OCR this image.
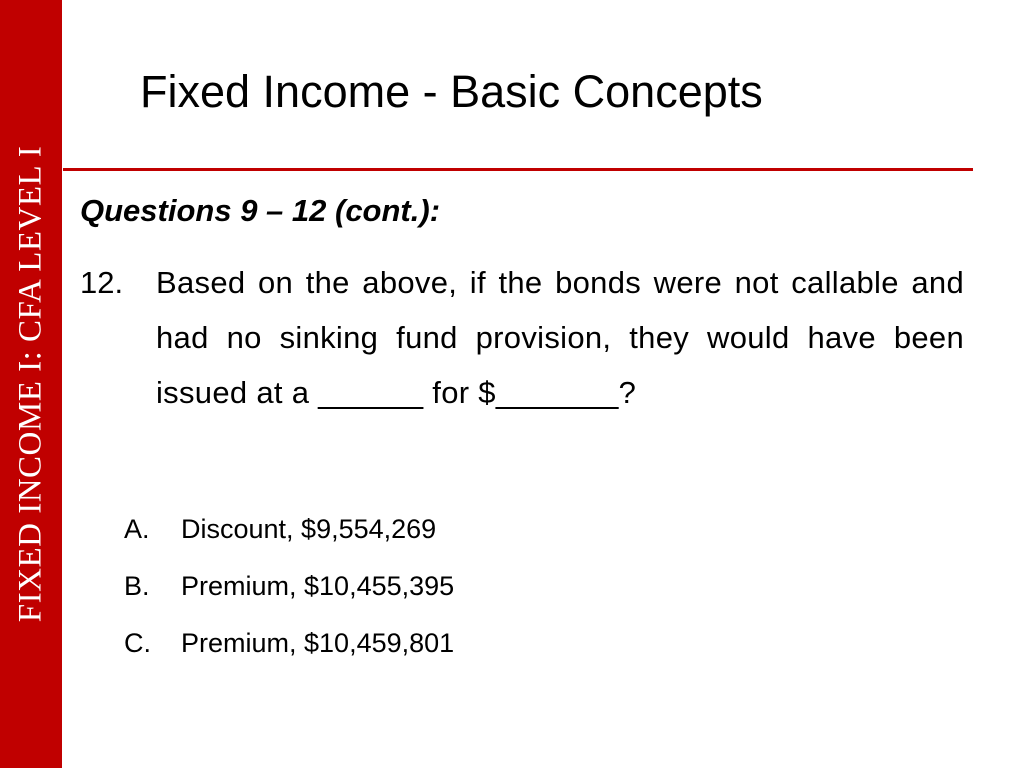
FIXED INCOME I: CFA LEVEL I
Fixed Income - Basic Concepts
Questions 9 – 12 (cont.):
12. Based on the above, if the bonds were not callable and had no sinking fund provision, they would have been issued at a ______ for $_______?
A. Discount, $9,554,269
B. Premium, $10,455,395
C. Premium, $10,459,801
